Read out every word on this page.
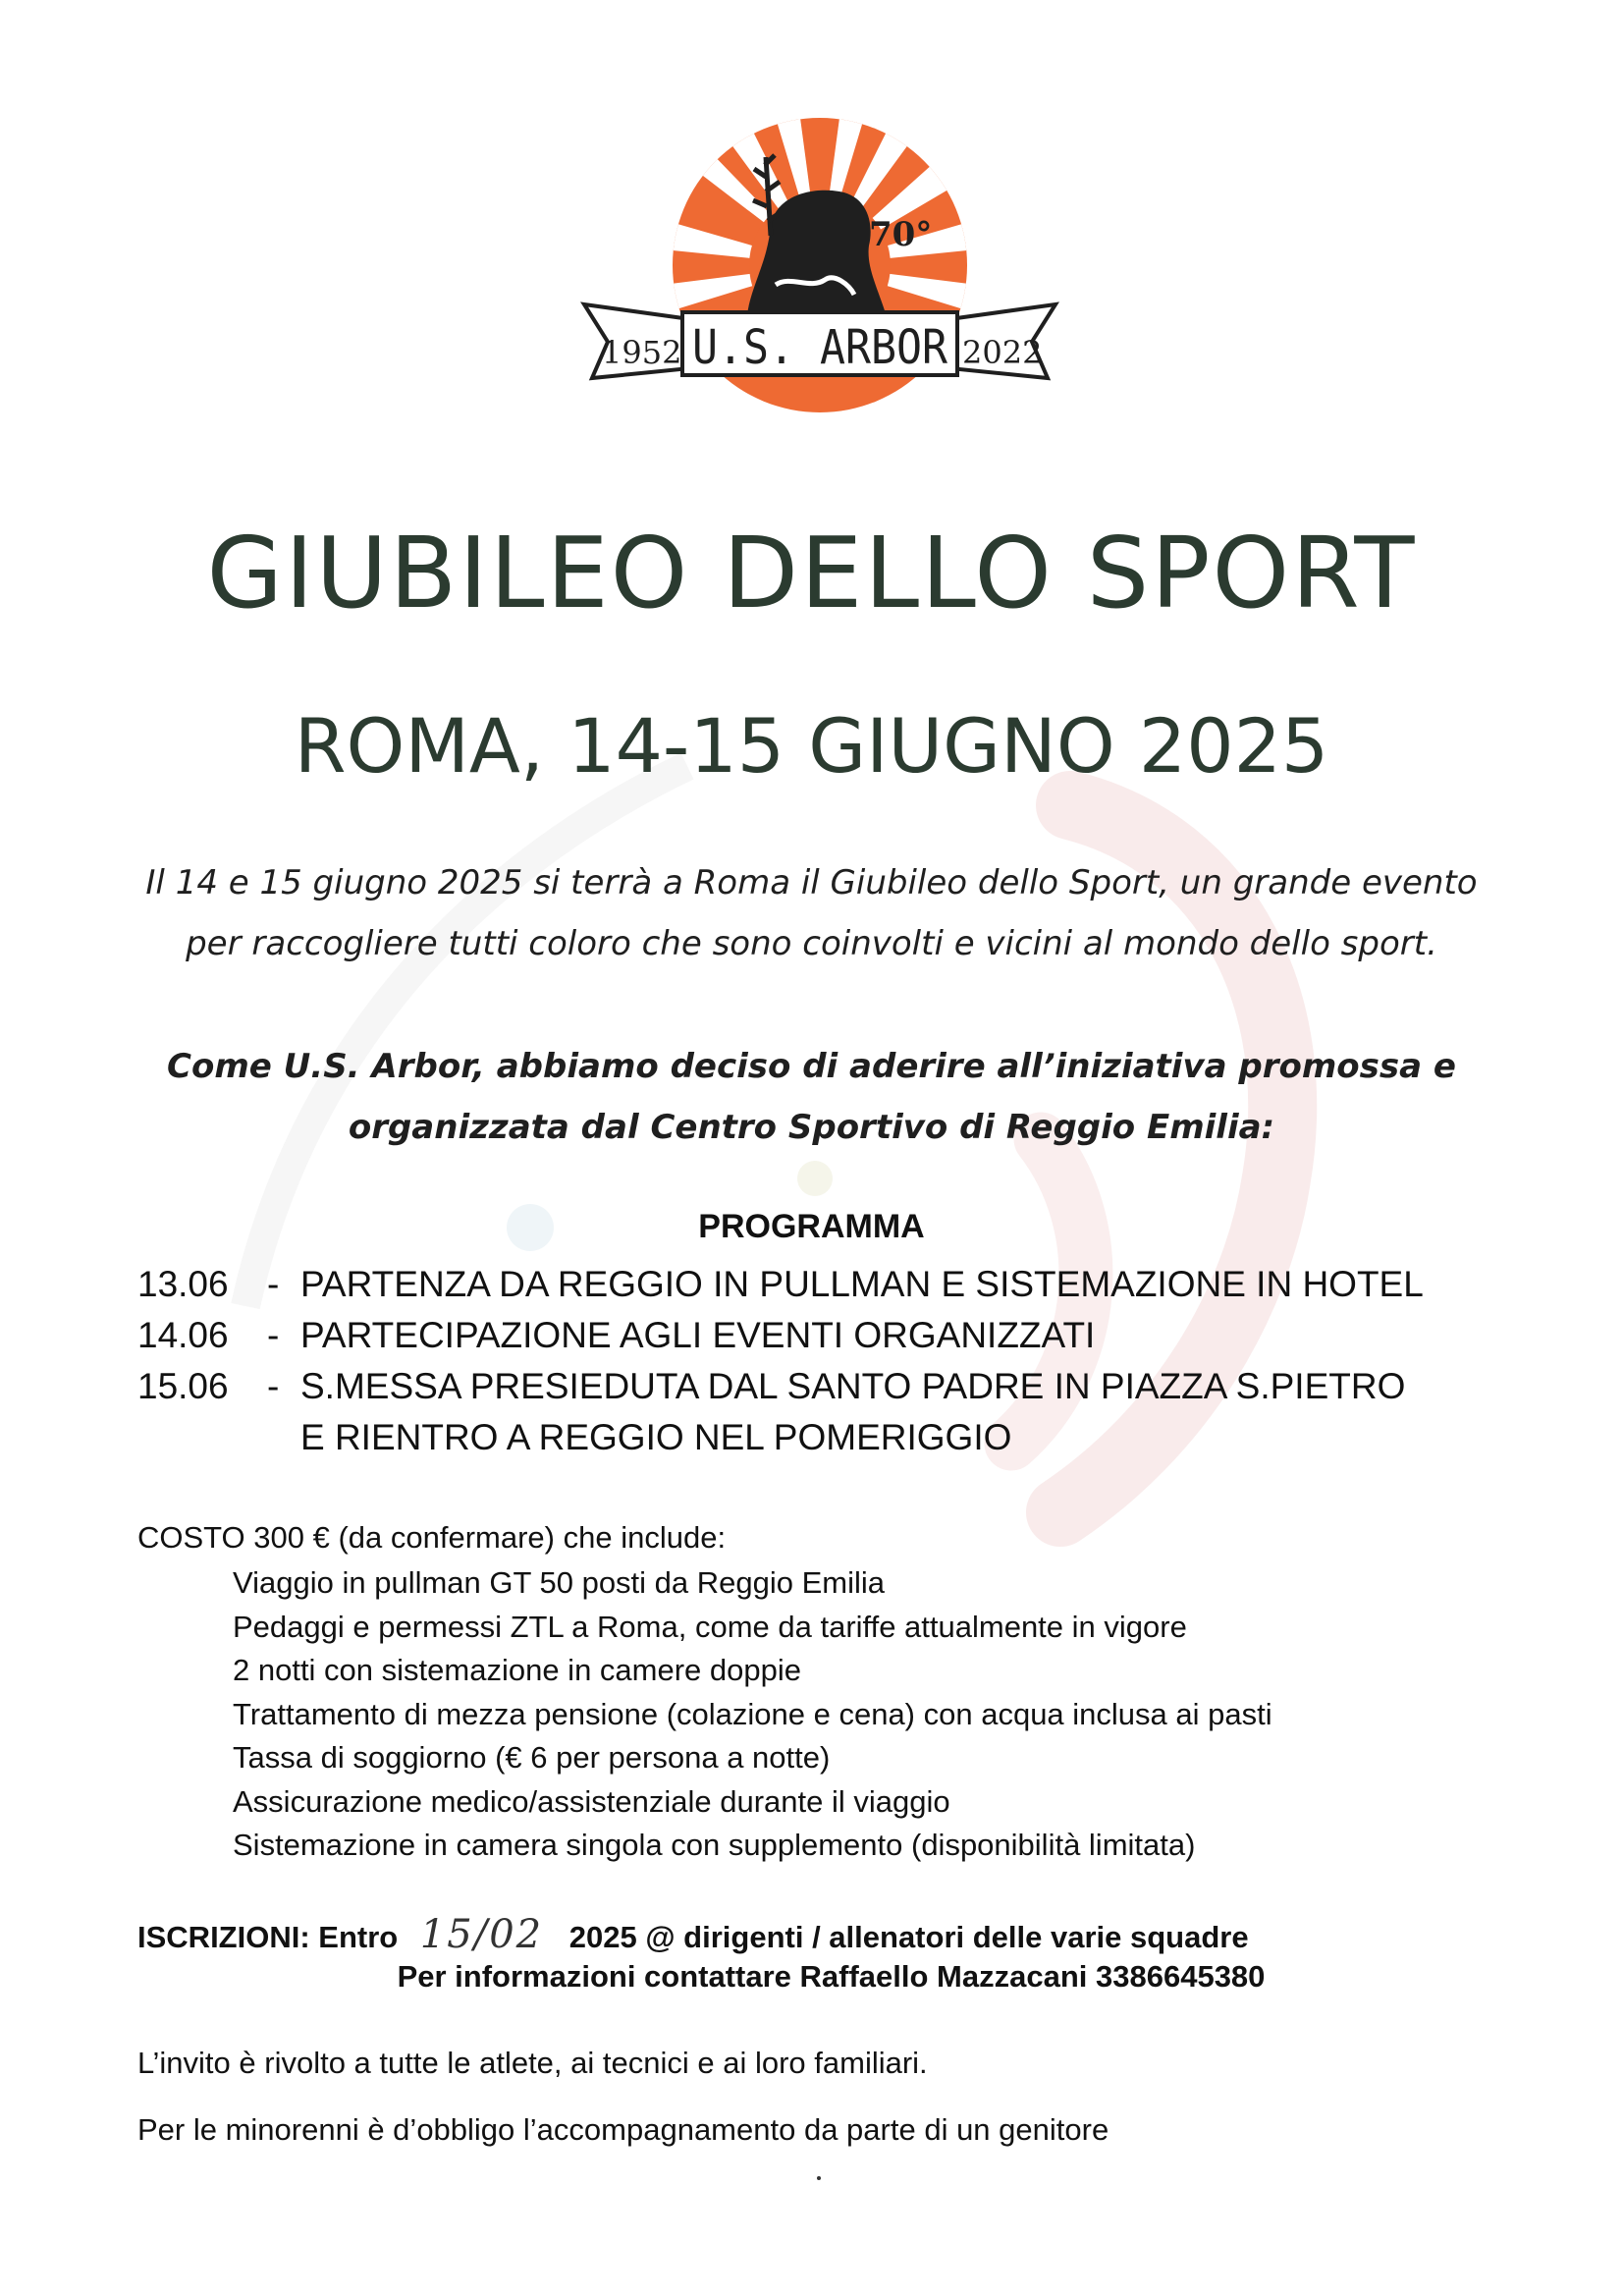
70°
1952	2022
U.S. ARBOR
GIUBILEO DELLO SPORT
ROMA, 14-15 GIUGNO 2025
Il 14 e 15 giugno 2025 si terrà a Roma il Giubileo dello Sport, un grande evento
per raccogliere tutti coloro che sono coinvolti e vicini al mondo dello sport.
Come U.S. Arbor, abbiamo deciso di aderire all’iniziativa promossa e
organizzata dal Centro Sportivo di Reggio Emilia:
PROGRAMMA
13.06	- PARTENZA DA REGGIO IN PULLMAN E SISTEMAZIONE IN HOTEL
14.06	- PARTECIPAZIONE AGLI EVENTI ORGANIZZATI
15.06	- S.MESSA PRESIEDUTA DAL SANTO PADRE IN PIAZZA S.PIETRO
E RIENTRO A REGGIO NEL POMERIGGIO
COSTO 300 € (da confermare) che include:
Viaggio in pullman GT 50 posti da Reggio Emilia
Pedaggi e permessi ZTL a Roma, come da tariffe attualmente in vigore
2 notti con sistemazione in camere doppie
Trattamento di mezza pensione (colazione e cena) con acqua inclusa ai pasti
Tassa di soggiorno (€ 6 per persona a notte)
Assicurazione medico/assistenziale durante il viaggio
Sistemazione in camera singola con supplemento (disponibilità limitata)
ISCRIZIONI: Entro 15/02 2025 @ dirigenti / allenatori delle varie squadre
Per informazioni contattare Raffaello Mazzacani 3386645380
L’invito è rivolto a tutte le atlete, ai tecnici e ai loro familiari.
Per le minorenni è d’obbligo l’accompagnamento da parte di un genitore
